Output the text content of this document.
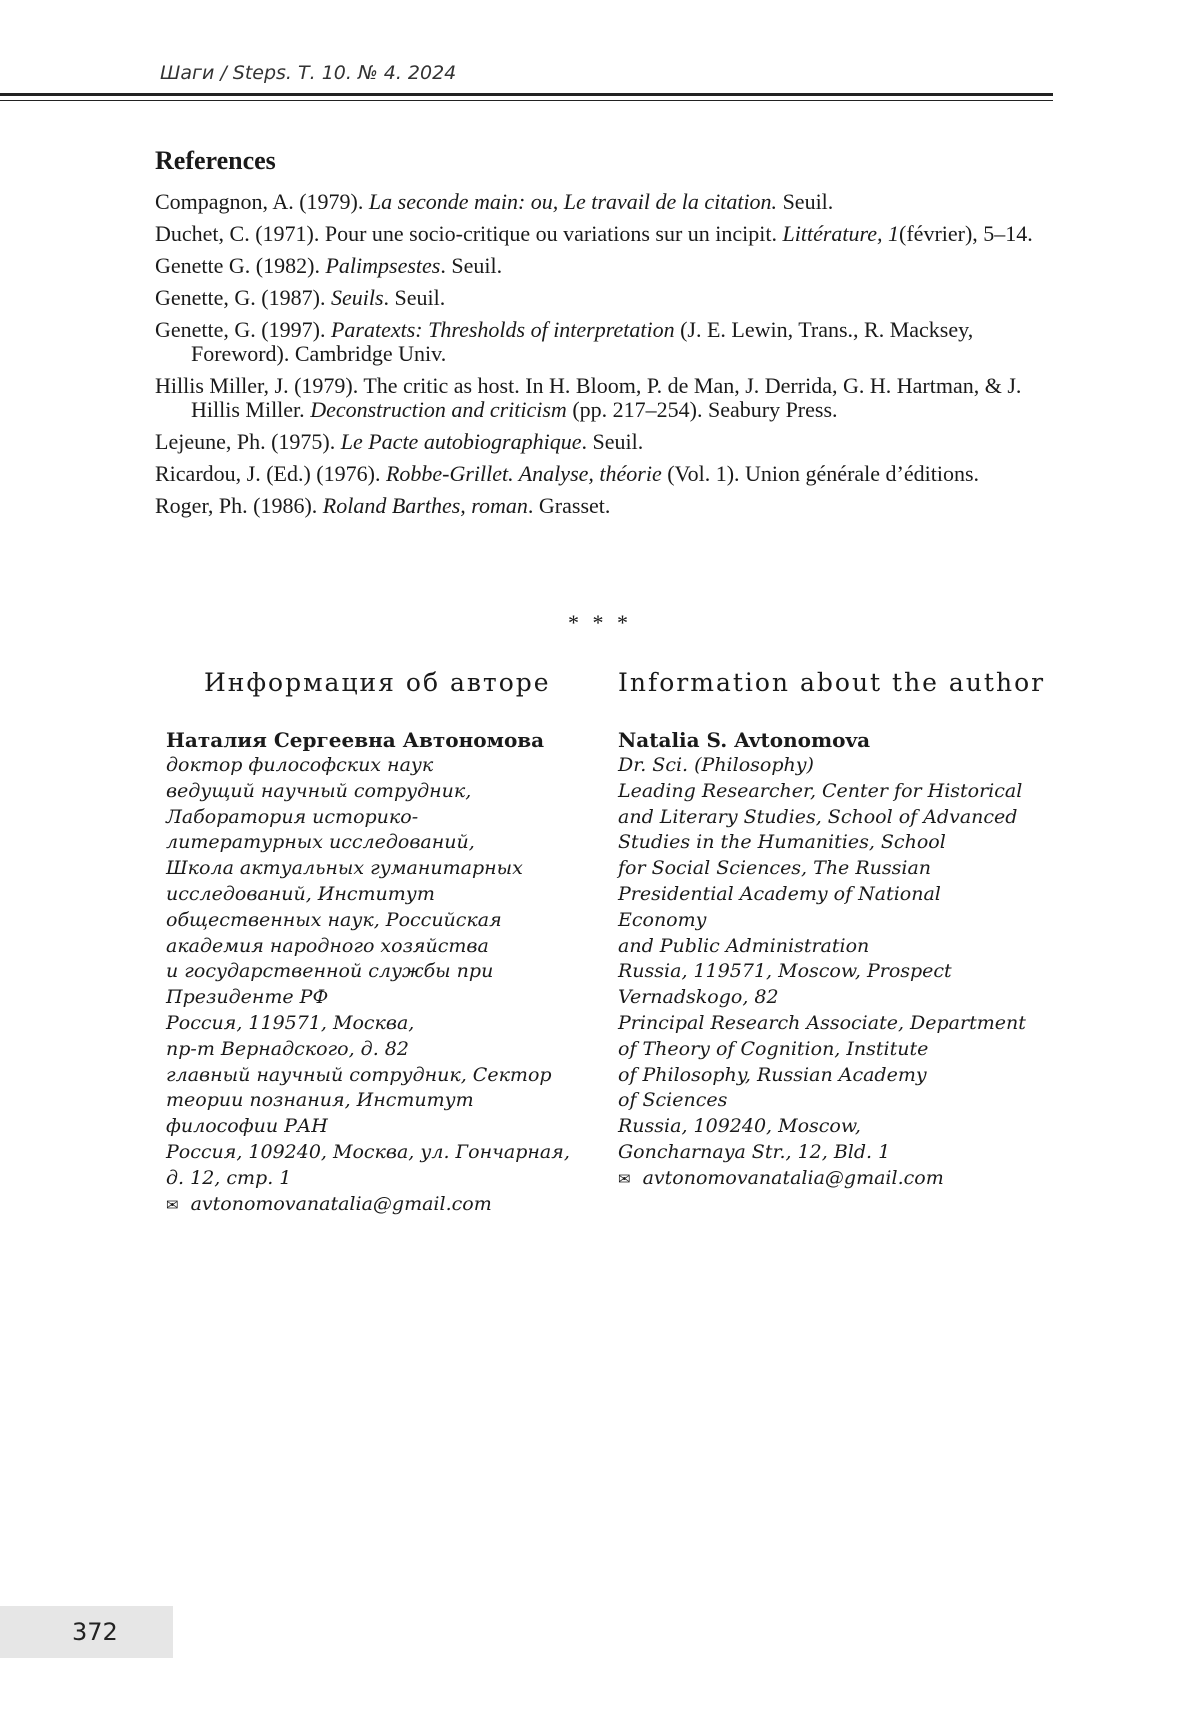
Шаги / Steps. Т. 10. № 4. 2024
References
Compagnon, A. (1979). La seconde main: ou, Le travail de la citation. Seuil.
Duchet, C. (1971). Pour une socio-critique ou variations sur un incipit. Littérature, 1(février), 5–14.
Genette G. (1982). Palimpsestes. Seuil.
Genette, G. (1987). Seuils. Seuil.
Genette, G. (1997). Paratexts: Thresholds of interpretation (J. E. Lewin, Trans., R. Macksey, Foreword). Cambridge Univ.
Hillis Miller, J. (1979). The critic as host. In H. Bloom, P. de Man, J. Derrida, G. H. Hartman, & J. Hillis Miller. Deconstruction and criticism (pp. 217–254). Seabury Press.
Lejeune, Ph. (1975). Le Pacte autobiographique. Seuil.
Ricardou, J. (Ed.) (1976). Robbe-Grillet. Analyse, théorie (Vol. 1). Union générale d’éditions.
Roger, Ph. (1986). Roland Barthes, roman. Grasset.
* * *
Информация об авторе
Наталия Сергеевна Автономова
доктор философских наук
ведущий научный сотрудник,
Лаборатория историко-
литературных исследований,
Школа актуальных гуманитарных
исследований, Институт
общественных наук, Российская
академия народного хозяйства
и государственной службы при
Президенте РФ
Россия, 119571, Москва,
пр-т Вернадского, д. 82
главный научный сотрудник, Сектор
теории познания, Институт
философии РАН
Россия, 109240, Москва, ул. Гончарная,
д. 12, стр. 1
✉ avtonomovanatalia@gmail.com
Information about the author
Natalia S. Avtonomova
Dr. Sci. (Philosophy)
Leading Researcher, Center for Historical
and Literary Studies, School of Advanced
Studies in the Humanities, School
for Social Sciences, The Russian
Presidential Academy of National
Economy
and Public Administration
Russia, 119571, Moscow, Prospect
Vernadskogo, 82
Principal Research Associate, Department
of Theory of Cognition, Institute
of Philosophy, Russian Academy
of Sciences
Russia, 109240, Moscow,
Goncharnaya Str., 12, Bld. 1
✉ avtonomovanatalia@gmail.com
372
